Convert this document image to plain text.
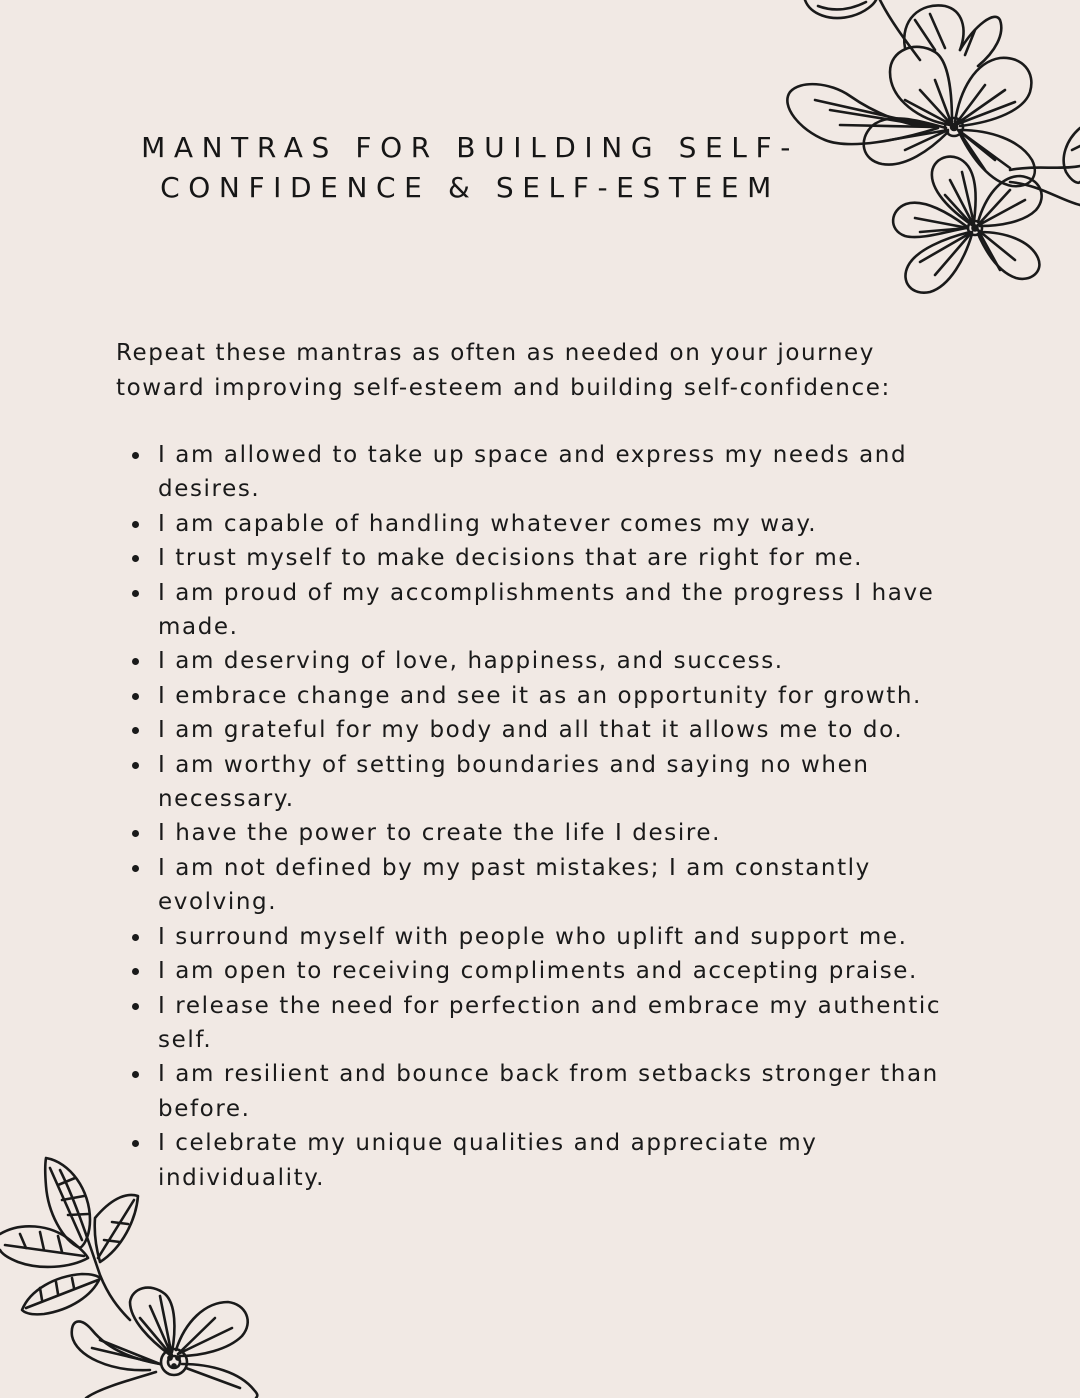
MANTRAS FOR BUILDING SELF-
CONFIDENCE & SELF-ESTEEM

Repeat these mantras as often as needed on your journey
toward improving self-esteem and building self-confidence:

I am allowed to take up space and express my needs and
desires.
I am capable of handling whatever comes my way.
I trust myself to make decisions that are right for me.
I am proud of my accomplishments and the progress I have
made.
I am deserving of love, happiness, and success.
I embrace change and see it as an opportunity for growth.
I am grateful for my body and all that it allows me to do.
I am worthy of setting boundaries and saying no when
necessary.
I have the power to create the life I desire.
I am not defined by my past mistakes; I am constantly
evolving.
I surround myself with people who uplift and support me.
I am open to receiving compliments and accepting praise.
I release the need for perfection and embrace my authentic
self.
I am resilient and bounce back from setbacks stronger than
before.
I celebrate my unique qualities and appreciate my
individuality.
